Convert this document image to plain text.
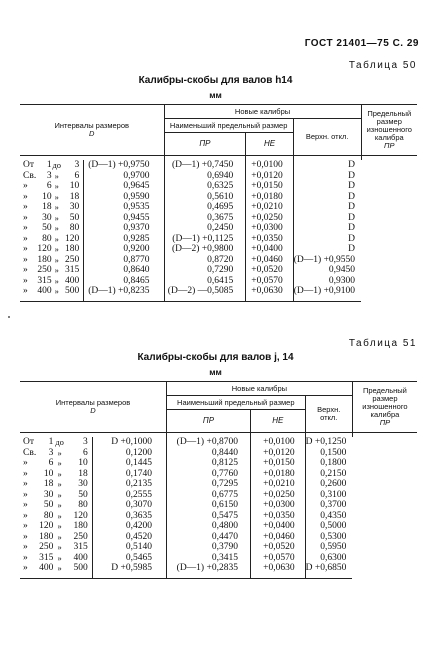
ГОСТ 21401—75 С. 29
Таблица 50
Калибры-скобы для валов h14
мм
Интервалы размеров
D					Новые калибры			Предельный размер изношенного калибра
ПР
					Наименьший предельный размер		Верхн. откл.	
					ПР	НЕ		

От	1	до	3	(D—1) +0,9750	(D—1) +0,7450	+0,0100	D	
Св.	3	»	6	0,9700	0,6940	+0,0120	D	
»	6	»	10	0,9645	0,6325	+0,0150	D	
»	10	»	18	0,9590	0,5610	+0,0180	D	
»	18	»	30	0,9535	0,4695	+0,0210	D	
»	30	»	50	0,9455	0,3675	+0,0250	D	
»	50	»	80	0,9370	0,2450	+0,0300	D	
»	80	»	120	0,9285	(D—1) +0,1125	+0,0350	D	
»	120	»	180	0,9200	(D—2) +0,9800	+0,0400	D	
»	180	»	250	0,8770	0,8720	+0,0460	(D—1) +0,9550	
»	250	»	315	0,8640	0,7290	+0,0520	0,9450	
»	315	»	400	0,8465	0,6415	+0,0570	0,9300	
»	400	»	500	(D—1) +0,8235	(D—2) —0,5085	+0,0630	(D—1) +0,9100	

Таблица 51
Калибры-скобы для валов j, 14
мм
Интервалы размеров
D					Новые калибры			Предельный размер изношенного калибра
ПР
					Наименьший предельный размер		Верхн. откл.	
					ПР	НЕ		

От	1	до	3	D +0,1000	(D—1) +0,8700	+0,0100	D +0,1250	
Св.	3	»	6	0,1200	0,8440	+0,0120	0,1500	
»	6	»	10	0,1445	0,8125	+0,0150	0,1800	
»	10	»	18	0,1740	0,7760	+0,0180	0,2150	
»	18	»	30	0,2135	0,7295	+0,0210	0,2600	
»	30	»	50	0,2555	0,6775	+0,0250	0,3100	
»	50	»	80	0,3070	0,6150	+0,0300	0,3700	
»	80	»	120	0,3635	0,5475	+0,0350	0,4350	
»	120	»	180	0,4200	0,4800	+0,0400	0,5000	
»	180	»	250	0,4520	0,4470	+0,0460	0,5300	
»	250	»	315	0,5140	0,3790	+0,0520	0,5950	
»	315	»	400	0,5465	0,3415	+0,0570	0,6300	
»	400	»	500	D +0,5985	(D—1) +0,2835	+0,0630	D +0,6850	
